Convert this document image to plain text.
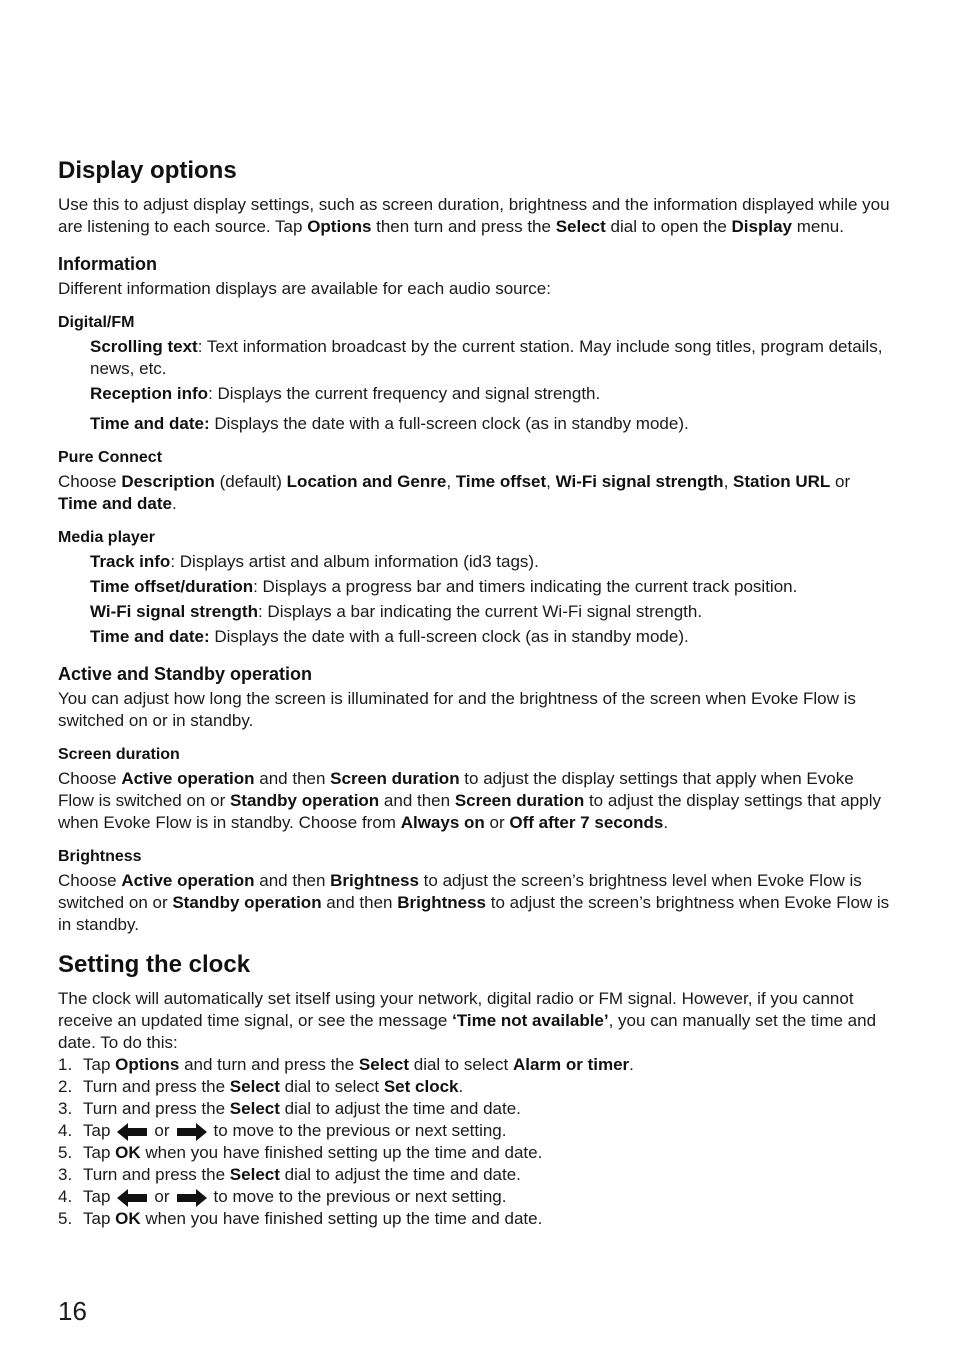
Display options

Use this to adjust display settings, such as screen duration, brightness and the information displayed while you are listening to each source. Tap Options then turn and press the Select dial to open the Display menu.

Information

Different information displays are available for each audio source:

Digital/FM

Scrolling text: Text information broadcast by the current station. May include song titles, program details, news, etc.

Reception info: Displays the current frequency and signal strength.

Time and date: Displays the date with a full-screen clock (as in standby mode).

Pure Connect

Choose Description (default) Location and Genre, Time offset, Wi-Fi signal strength, Station URL or Time and date.

Media player

Track info: Displays artist and album information (id3 tags).

Time offset/duration: Displays a progress bar and timers indicating the current track position.

Wi-Fi signal strength: Displays a bar indicating the current Wi-Fi signal strength.

Time and date: Displays the date with a full-screen clock (as in standby mode).

Active and Standby operation

You can adjust how long the screen is illuminated for and the brightness of the screen when Evoke Flow is switched on or in standby.

Screen duration

Choose Active operation and then Screen duration to adjust the display settings that apply when Evoke Flow is switched on or Standby operation and then Screen duration to adjust the display settings that apply when Evoke Flow is in standby. Choose from Always on or Off after 7 seconds.

Brightness

Choose Active operation and then Brightness to adjust the screen’s brightness level when Evoke Flow is switched on or Standby operation and then Brightness to adjust the screen’s brightness when Evoke Flow is in standby.

Setting the clock

The clock will automatically set itself using your network, digital radio or FM signal. However, if you cannot receive an updated time signal, or see the message ‘Time not available’, you can manually set the time and date. To do this:

1. Tap Options and turn and press the Select dial to select Alarm or timer.
2. Turn and press the Select dial to select Set clock.
3. Turn and press the Select dial to adjust the time and date.
4. Tap	or	to move to the previous or next setting.
5. Tap OK when you have finished setting up the time and date.
3. Turn and press the Select dial to adjust the time and date.
4. Tap	or	to move to the previous or next setting.
5. Tap OK when you have finished setting up the time and date.
16
